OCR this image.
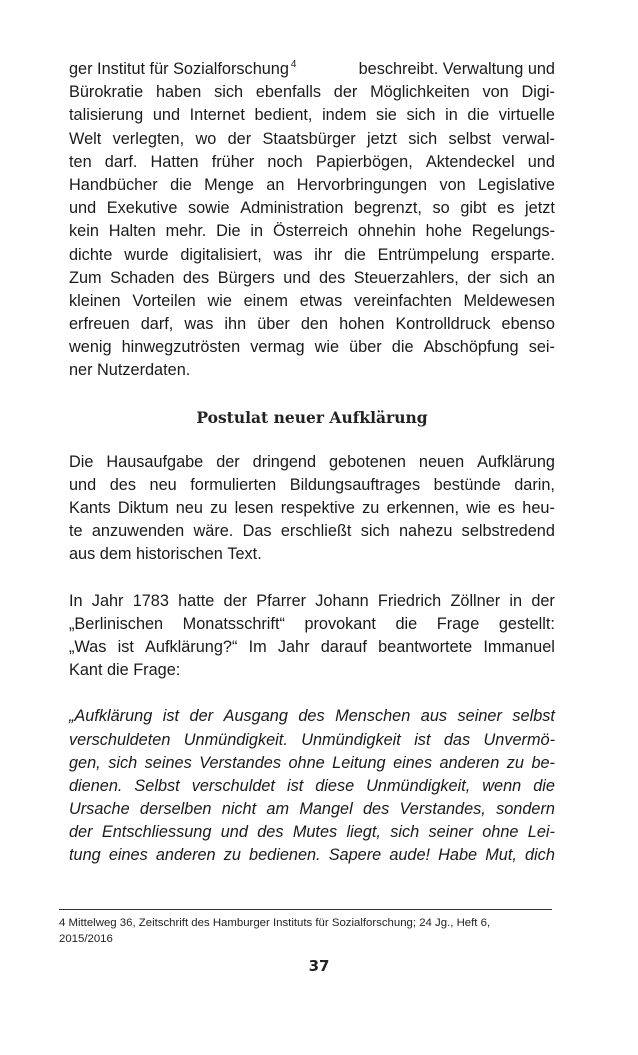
ger Institut für Sozialforschung $^4$	beschreibt. Verwaltung und
Bürokratie haben sich ebenfalls der Möglichkeiten von Digi-
talisierung und Internet bedient, indem sie sich in die virtuelle
Welt verlegten, wo der Staatsbürger jetzt sich selbst verwal-
ten darf. Hatten früher noch Papierbögen, Aktendeckel und
Handbücher die Menge an Hervorbringungen von Legislative
und Exekutive sowie Administration begrenzt, so gibt es jetzt
kein Halten mehr. Die in Österreich ohnehin hohe Regelungs-
dichte wurde digitalisiert, was ihr die Entrümpelung ersparte.
Zum Schaden des Bürgers und des Steuerzahlers, der sich an
kleinen Vorteilen wie einem etwas vereinfachten Meldewesen
erfreuen darf, was ihn über den hohen Kontrolldruck ebenso
wenig hinwegzutrösten vermag wie über die Abschöpfung sei-
ner Nutzerdaten.
Postulat neuer Aufklärung
Die Hausaufgabe der dringend gebotenen neuen Aufklärung
und des neu formulierten Bildungsauftrages bestünde darin,
Kants Diktum neu zu lesen respektive zu erkennen, wie es heu-
te anzuwenden wäre. Das erschließt sich nahezu selbstredend
aus dem historischen Text.
In Jahr 1783 hatte der Pfarrer Johann Friedrich Zöllner in der
„Berlinischen Monatsschrift“ provokant die Frage gestellt:
„Was ist Aufklärung?“ Im Jahr darauf beantwortete Immanuel
Kant die Frage:
„Aufklärung ist der Ausgang des Menschen aus seiner selbst
verschuldeten Unmündigkeit. Unmündigkeit ist das Unvermö-
gen, sich seines Verstandes ohne Leitung eines anderen zu be-
dienen. Selbst verschuldet ist diese Unmündigkeit, wenn die
Ursache derselben nicht am Mangel des Verstandes, sondern
der Entschliessung und des Mutes liegt, sich seiner ohne Lei-
tung eines anderen zu bedienen. Sapere aude! Habe Mut, dich
4 Mittelweg 36, Zeitschrift des Hamburger Instituts für Sozialforschung; 24 Jg., Heft 6,
2015/2016
37
